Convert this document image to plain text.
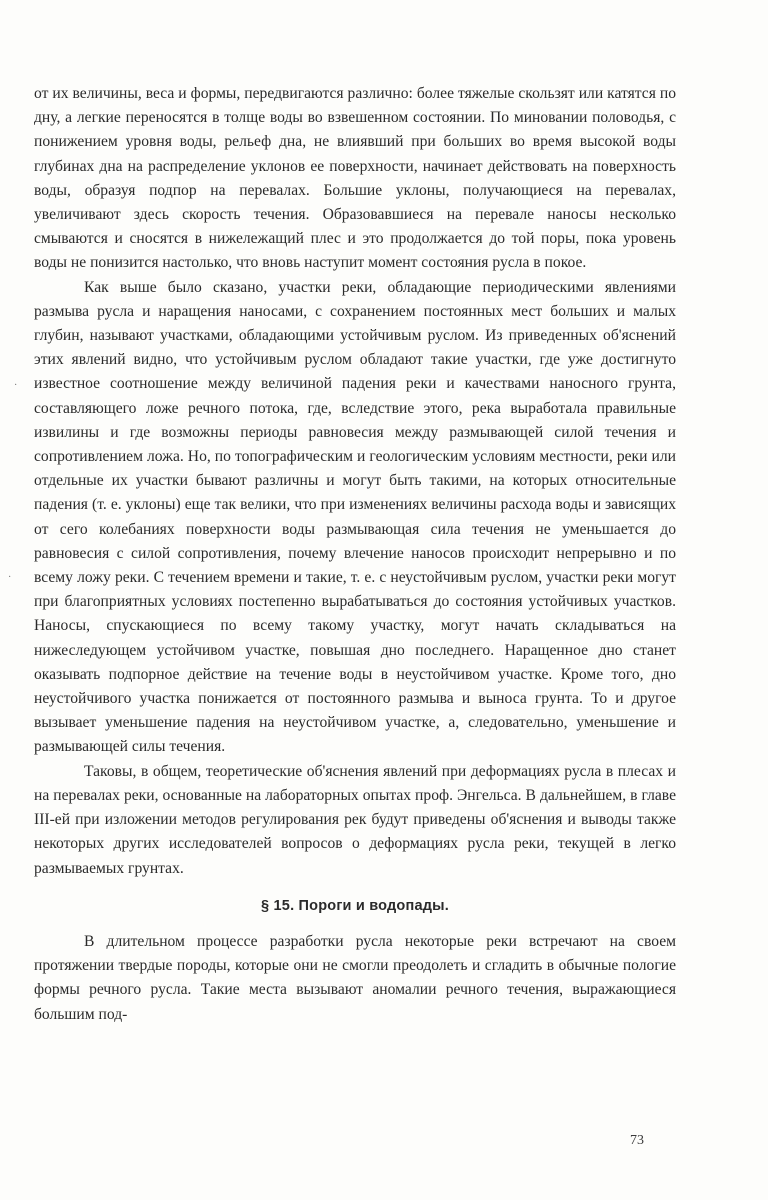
от их величины, веса и формы, передвигаются различно: более тяжелые скользят или катятся по дну, а легкие переносятся в толще воды во взвешенном состоянии. По миновании половодья, с понижением уровня воды, рельеф дна, не влиявший при больших во время высокой воды глубинах дна на распределение уклонов ее поверхности, начинает действовать на поверхность воды, образуя подпор на перевалах. Большие уклоны, получающиеся на перевалах, увеличивают здесь скорость течения. Образовавшиеся на перевале наносы несколько смываются и сносятся в нижележащий плес и это продолжается до той поры, пока уровень воды не понизится настолько, что вновь наступит момент состояния русла в покое.

Как выше было сказано, участки реки, обладающие периодическими явлениями размыва русла и наращения наносами, с сохранением постоянных мест больших и малых глубин, называют участками, обладающими устойчивым руслом. Из приведенных об'яснений этих явлений видно, что устойчивым руслом обладают такие участки, где уже достигнуто известное соотношение между величиной падения реки и качествами наносного грунта, составляющего ложе речного потока, где, вследствие этого, река выработала правильные извилины и где возможны периоды равновесия между размывающей силой течения и сопротивлением ложа. Но, по топографическим и геологическим условиям местности, реки или отдельные их участки бывают различны и могут быть такими, на которых относительные падения (т. е. уклоны) еще так велики, что при изменениях величины расхода воды и зависящих от сего колебаниях поверхности воды размывающая сила течения не уменьшается до равновесия с силой сопротивления, почему влечение наносов происходит непрерывно и по всему ложу реки. С течением времени и такие, т. е. с неустойчивым руслом, участки реки могут при благоприятных условиях постепенно вырабатываться до состояния устойчивых участков. Наносы, спускающиеся по всему такому участку, могут начать складываться на нижеследующем устойчивом участке, повышая дно последнего. Наращенное дно станет оказывать подпорное действие на течение воды в неустойчивом участке. Кроме того, дно неустойчивого участка понижается от постоянного размыва и выноса грунта. То и другое вызывает уменьшение падения на неустойчивом участке, а, следовательно, уменьшение и размывающей силы течения.

Таковы, в общем, теоретические об'яснения явлений при деформациях русла в плесах и на перевалах реки, основанные на лабораторных опытах проф. Энгельса. В дальнейшем, в главе III-ей при изложении методов регулирования рек будут приведены об'яснения и выводы также некоторых других исследователей вопросов о деформациях русла реки, текущей в легко размываемых грунтах.

§ 15. Пороги и водопады.

В длительном процессе разработки русла некоторые реки встречают на своем протяжении твердые породы, которые они не смогли преодолеть и сгладить в обычные пологие формы речного русла. Такие места вызывают аномалии речного течения, выражающиеся большим под-

·
·
73
